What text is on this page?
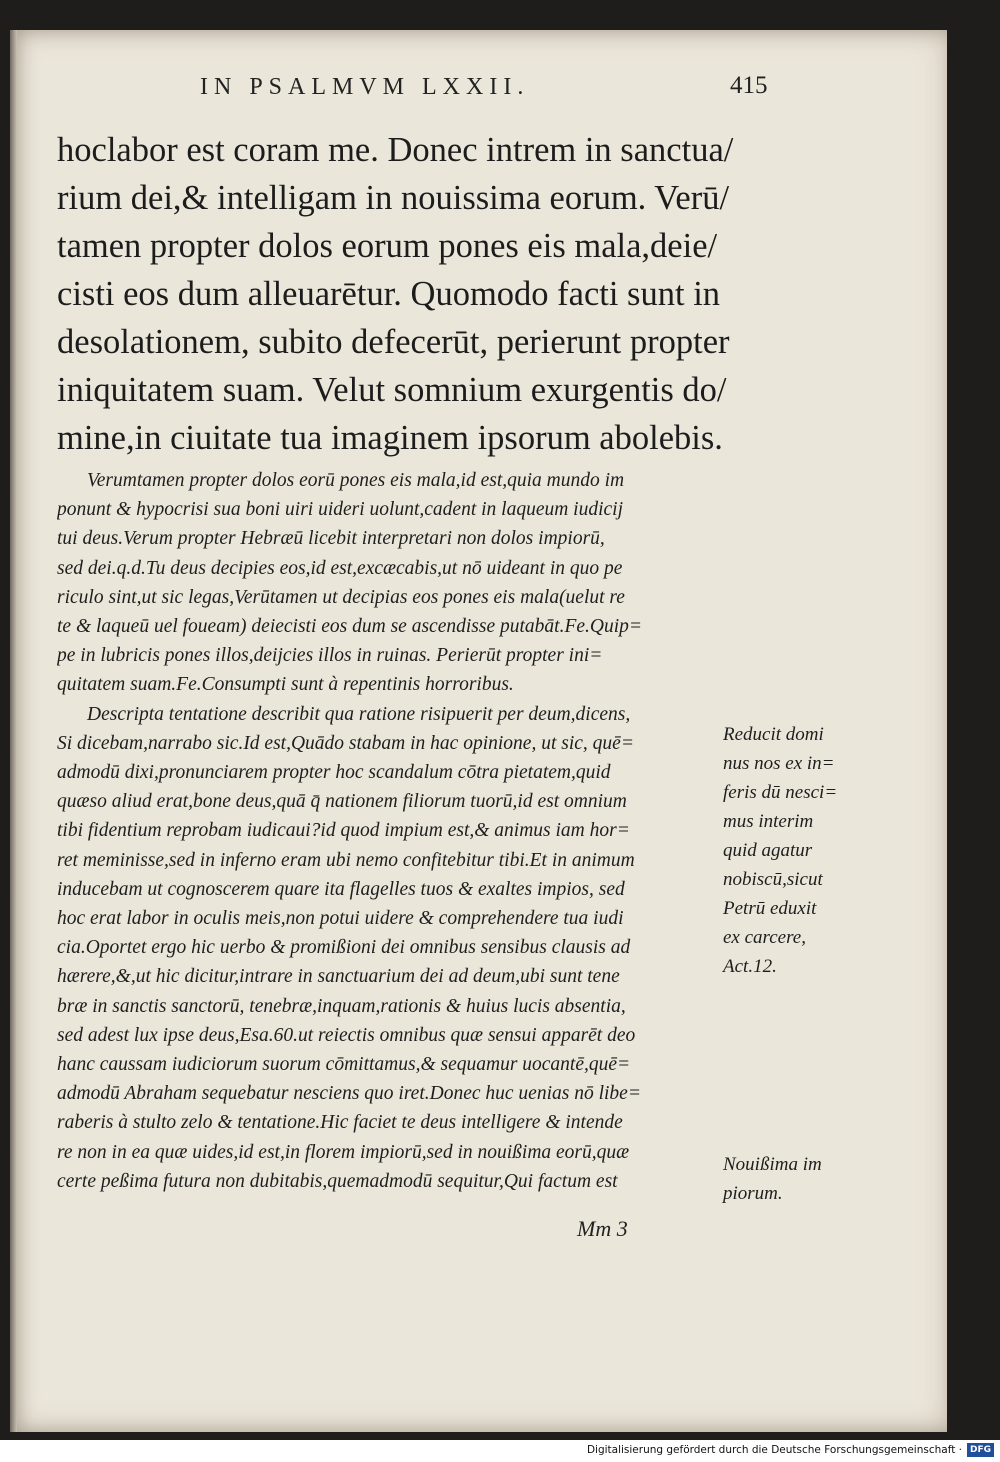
IN PSALMVM LXXII.	415
hoclabor est coram me. Donec intrem in sanctua/
rium dei,& intelligam in nouissima eorum. Verū/
tamen propter dolos eorum pones eis mala,deie/
cisti eos dum alleuarētur. Quomodo facti sunt in
desolationem, subito defecerūt, perierunt propter
iniquitatem suam. Velut somnium exurgentis do/
mine,in ciuitate tua imaginem ipsorum abolebis.
Verumtamen propter dolos eorū pones eis mala,id est,quia mundo im
ponunt & hypocrisi sua boni uiri uideri uolunt,cadent in laqueum iudicij
tui deus.Verum propter Hebræū licebit interpretari non dolos impiorū,
sed dei.q.d.Tu deus decipies eos,id est,excæcabis,ut nō uideant in quo pe
riculo sint,ut sic legas,Verūtamen ut decipias eos pones eis mala(uelut re
te & laqueū uel foueam) deiecisti eos dum se ascendisse putabāt.Fe.Quip=
pe in lubricis pones illos,deijcies illos in ruinas. Perierūt propter ini=
quitatem suam.Fe.Consumpti sunt à repentinis horroribus.
Descripta tentatione describit qua ratione risipuerit per deum,dicens,
Si dicebam,narrabo sic.Id est,Quādo stabam in hac opinione, ut sic, quē=
admodū dixi,pronunciarem propter hoc scandalum cōtra pietatem,quid
quæso aliud erat,bone deus,quā q̄ nationem filiorum tuorū,id est omnium
tibi fidentium reprobam iudicaui?id quod impium est,& animus iam hor=
ret meminisse,sed in inferno eram ubi nemo confitebitur tibi.Et in animum
inducebam ut cognoscerem quare ita flagelles tuos & exaltes impios, sed
hoc erat labor in oculis meis,non potui uidere & comprehendere tua iudi
cia.Oportet ergo hic uerbo & promißioni dei omnibus sensibus clausis ad
hærere,&,ut hic dicitur,intrare in sanctuarium dei ad deum,ubi sunt tene
bræ in sanctis sanctorū, tenebræ,inquam,rationis & huius lucis absentia,
sed adest lux ipse deus,Esa.60.ut reiectis omnibus quæ sensui apparēt deo
hanc caussam iudiciorum suorum cōmittamus,& sequamur uocantē,quē=
admodū Abraham sequebatur nesciens quo iret.Donec huc uenias nō libe=
raberis à stulto zelo & tentatione.Hic faciet te deus intelligere & intende
re non in ea quæ uides,id est,in florem impiorū,sed in nouißima eorū,quæ
certe peßima futura non dubitabis,quemadmodū sequitur,Qui factum est
Reducit domi
nus nos ex in=
feris dū nesci=
mus interim
quid agatur
nobiscū,sicut
Petrū eduxit
ex carcere,
Act.12.
Nouißima im
piorum.
Mm 3
Digitalisierung gefördert durch die Deutsche Forschungsgemeinschaft · DFG
